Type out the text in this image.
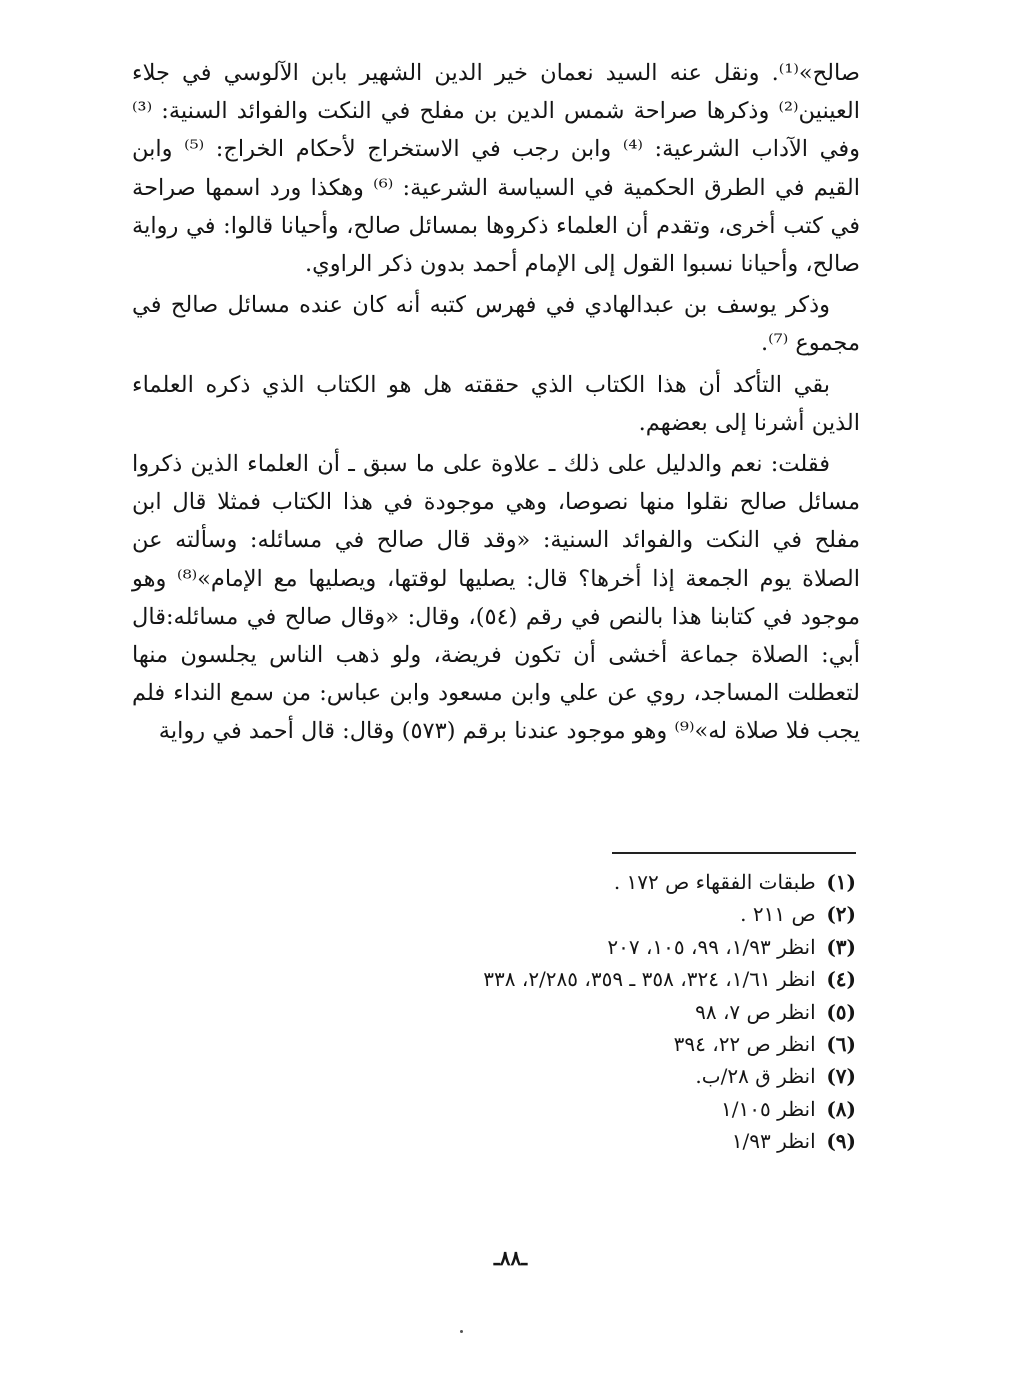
صالح»⁽¹⁾. ونقل عنه السيد نعمان خير الدين الشهير بابن الآلوسي في جلاء العينين⁽²⁾ وذكرها صراحة شمس الدين بن مفلح في النكت والفوائد السنية: ⁽³⁾ وفي الآداب الشرعية: ⁽⁴⁾ وابن رجب في الاستخراج لأحكام الخراج: ⁽⁵⁾ وابن القيم في الطرق الحكمية في السياسة الشرعية: ⁽⁶⁾ وهكذا ورد اسمها صراحة في كتب أخرى، وتقدم أن العلماء ذكروها بمسائل صالح، وأحيانا قالوا: في رواية صالح، وأحيانا نسبوا القول إلى الإمام أحمد بدون ذكر الراوي.

وذكر يوسف بن عبدالهادي في فهرس كتبه أنه كان عنده مسائل صالح في مجموع ⁽⁷⁾.

بقي التأكد أن هذا الكتاب الذي حققته هل هو الكتاب الذي ذكره العلماء الذين أشرنا إلى بعضهم.

فقلت: نعم والدليل على ذلك ـ علاوة على ما سبق ـ أن العلماء الذين ذكروا مسائل صالح نقلوا منها نصوصا، وهي موجودة في هذا الكتاب فمثلا قال ابن مفلح في النكت والفوائد السنية: «وقد قال صالح في مسائله: وسألته عن الصلاة يوم الجمعة إذا أخرها؟ قال: يصليها لوقتها، ويصليها مع الإمام»⁽⁸⁾ وهو موجود في كتابنا هذا بالنص في رقم (٥٤)، وقال: «وقال صالح في مسائله:قال أبي: الصلاة جماعة أخشى أن تكون فريضة، ولو ذهب الناس يجلسون منها لتعطلت المساجد، روي عن علي وابن مسعود وابن عباس: من سمع النداء فلم يجب فلا صلاة له»⁽⁹⁾ وهو موجود عندنا برقم (٥٧٣) وقال: قال أحمد في رواية

(١) طبقات الفقهاء ص ١٧٢ .
(٢) ص ٢١١ .
(٣) انظر ١/٩٣، ٩٩، ١٠٥، ٢٠٧
(٤) انظر ١/٦١، ٣٢٤، ٣٥٨ ـ ٣٥٩، ٢/٢٨٥، ٣٣٨
(٥) انظر ص ٧، ٩٨
(٦) انظر ص ٢٢، ٣٩٤
(٧) انظر ق ٢٨/ب.
(٨) انظر ١/١٠٥
(٩) انظر ١/٩٣
ـ٨٨ـ
